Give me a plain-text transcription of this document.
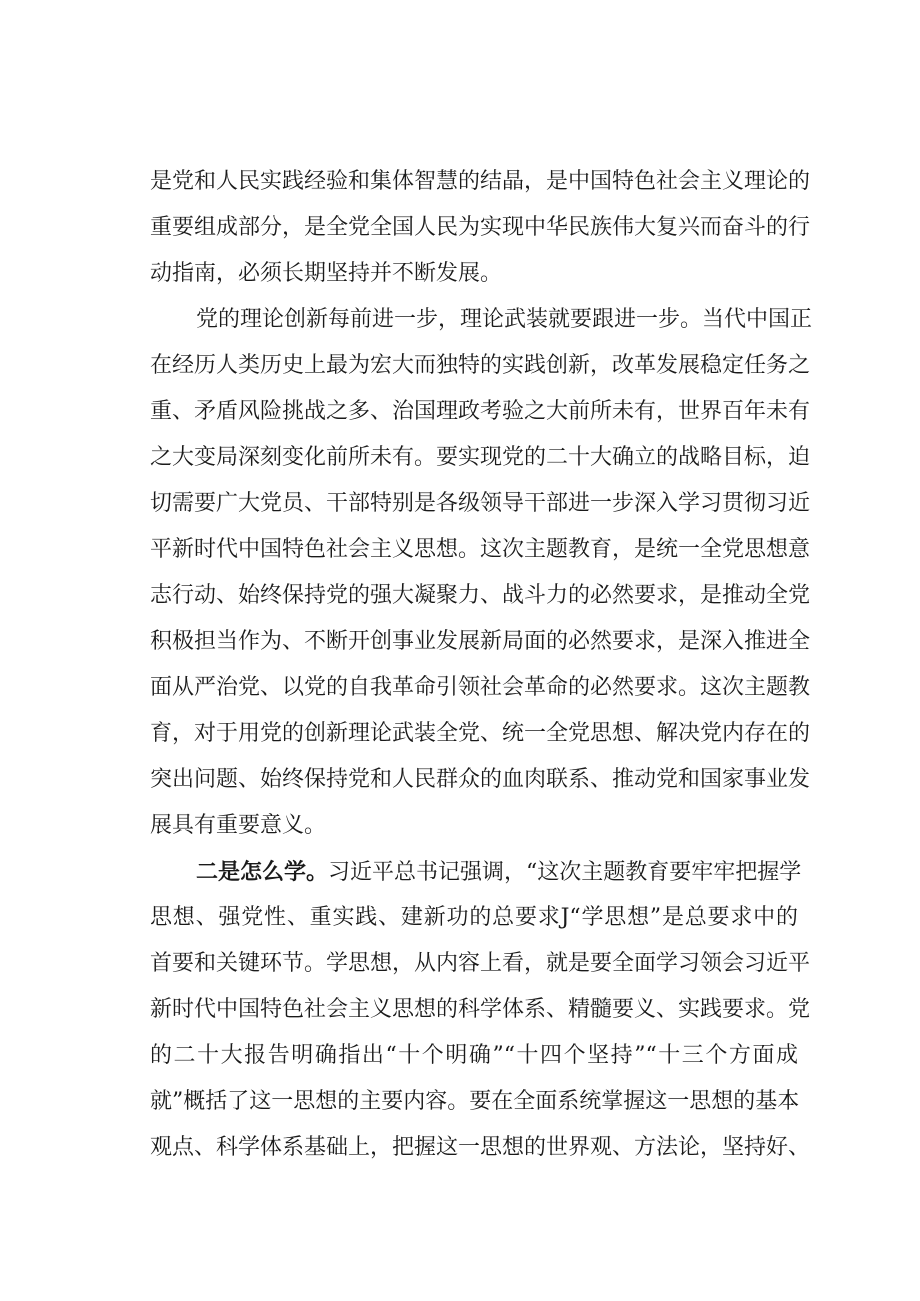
是党和人民实践经验和集体智慧的结晶，是中国特色社会主义理论的
重要组成部分，是全党全国人民为实现中华民族伟大复兴而奋斗的行
动指南，必须长期坚持并不断发展。
党的理论创新每前进一步，理论武装就要跟进一步。当代中国正
在经历人类历史上最为宏大而独特的实践创新，改革发展稳定任务之
重、矛盾风险挑战之多、治国理政考验之大前所未有，世界百年未有
之大变局深刻变化前所未有。要实现党的二十大确立的战略目标，迫
切需要广大党员、干部特别是各级领导干部进一步深入学习贯彻习近
平新时代中国特色社会主义思想。这次主题教育，是统一全党思想意
志行动、始终保持党的强大凝聚力、战斗力的必然要求，是推动全党
积极担当作为、不断开创事业发展新局面的必然要求，是深入推进全
面从严治党、以党的自我革命引领社会革命的必然要求。这次主题教
育，对于用党的创新理论武装全党、统一全党思想、解决党内存在的
突出问题、始终保持党和人民群众的血肉联系、推动党和国家事业发
展具有重要意义。
二是怎么学。习近平总书记强调，“这次主题教育要牢牢把握学
思想、强党性、重实践、建新功的总要求J“学思想”是总要求中的
首要和关键环节。学思想，从内容上看，就是要全面学习领会习近平
新时代中国特色社会主义思想的科学体系、精髓要义、实践要求。党
的二十大报告明确指出“十个明确”“十四个坚持”“十三个方面成
就”概括了这一思想的主要内容。要在全面系统掌握这一思想的基本
观点、科学体系基础上，把握这一思想的世界观、方法论，坚持好、
